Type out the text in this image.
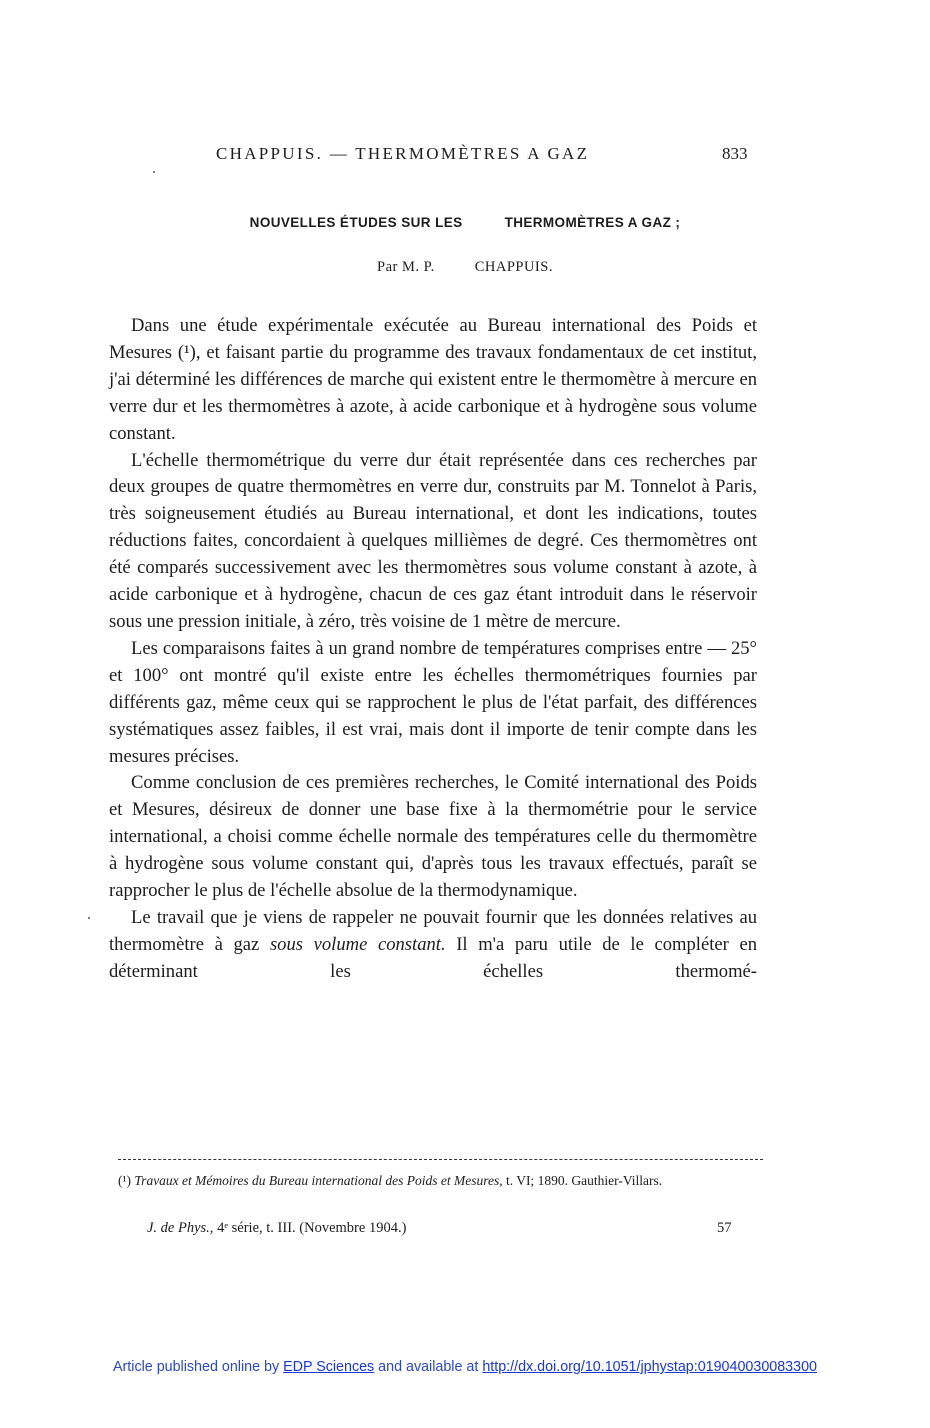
CHAPPUIS. — THERMOMÈTRES A GAZ	833
NOUVELLES ÉTUDES SUR LES	THERMOMÈTRES A GAZ ;
Par M. P.	CHAPPUIS.

Dans une étude expérimentale exécutée au Bureau international des Poids et Mesures (¹), et faisant partie du programme des travaux fondamentaux de cet institut, j'ai déterminé les différences de marche qui existent entre le thermomètre à mercure en verre dur et les thermomètres à azote, à acide carbonique et à hydrogène sous volume constant.

L'échelle thermométrique du verre dur était représentée dans ces recherches par deux groupes de quatre thermomètres en verre dur, construits par M. Tonnelot à Paris, très soigneusement étudiés au Bureau international, et dont les indications, toutes réductions faites, concordaient à quelques millièmes de degré. Ces thermomètres ont été comparés successivement avec les thermomètres sous volume constant à azote, à acide carbonique et à hydrogène, chacun de ces gaz étant introduit dans le réservoir sous une pression initiale, à zéro, très voisine de 1 mètre de mercure.

Les comparaisons faites à un grand nombre de températures comprises entre — 25° et 100° ont montré qu'il existe entre les échelles thermométriques fournies par différents gaz, même ceux qui se rapprochent le plus de l'état parfait, des différences systématiques assez faibles, il est vrai, mais dont il importe de tenir compte dans les mesures précises.

Comme conclusion de ces premières recherches, le Comité international des Poids et Mesures, désireux de donner une base fixe à la thermométrie pour le service international, a choisi comme échelle normale des températures celle du thermomètre à hydrogène sous volume constant qui, d'après tous les travaux effectués, paraît se rapprocher le plus de l'échelle absolue de la thermodynamique.

Le travail que je viens de rappeler ne pouvait fournir que les données relatives au thermomètre à gaz sous volume constant. Il m'a paru utile de le compléter en déterminant les échelles thermomé-

(¹) Travaux et Mémoires du Bureau international des Poids et Mesures, t. VI; 1890. Gauthier-Villars.
J. de Phys., 4ᵉ série, t. III. (Novembre 1904.)	57
Article published online by EDP Sciences and available at http://dx.doi.org/10.1051/jphystap:019040030083300
